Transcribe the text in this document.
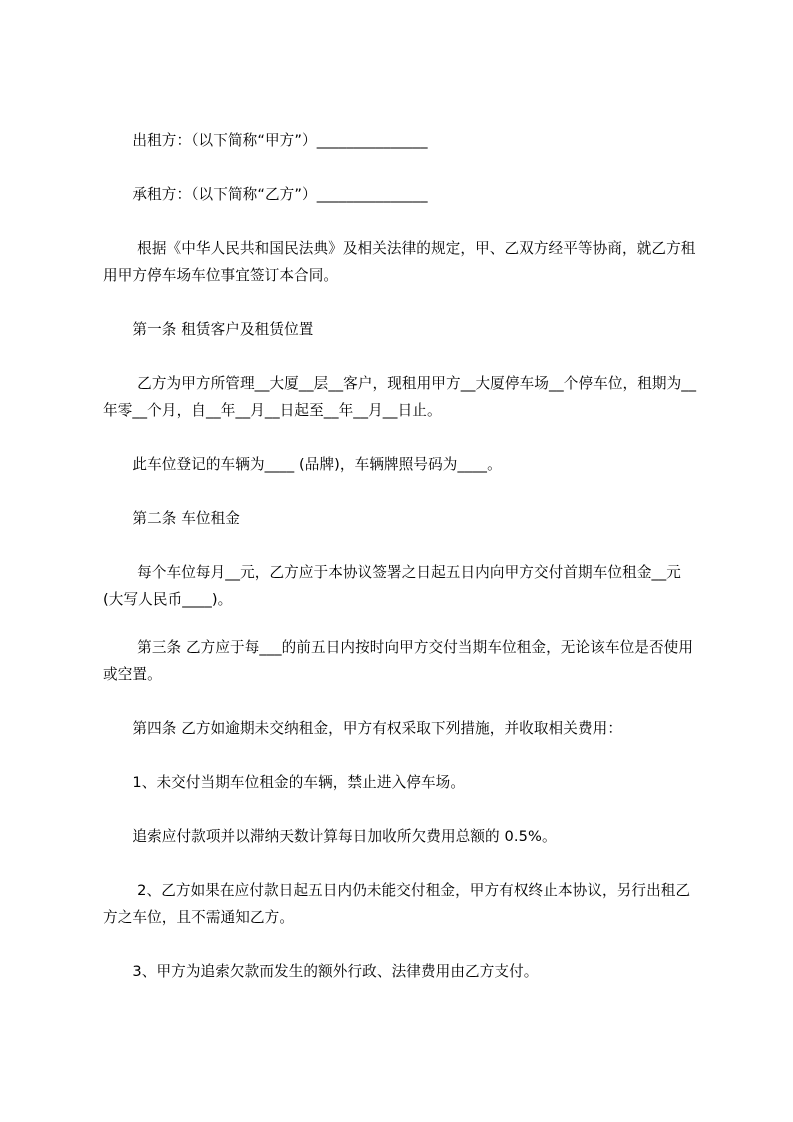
　　出租方：（以下简称“甲方”）_______________

　　承租方：（以下简称“乙方”）_______________

　　 根据《中华人民共和国民法典》及相关法律的规定，甲、乙双方经平等协商，就乙方租用甲方停车场车位事宜签订本合同。

　　第一条 租赁客户及租赁位置

　　 乙方为甲方所管理__大厦__层__客户，现租用甲方__大厦停车场__个停车位，租期为__年零__个月，自__年__月__日起至__年__月__日止。

　　此车位登记的车辆为____ (品牌)，车辆牌照号码为____。

　　第二条 车位租金

　　 每个车位每月__元，乙方应于本协议签署之日起五日内向甲方交付首期车位租金__元(大写人民币____)。

　　 第三条 乙方应于每___的前五日内按时向甲方交付当期车位租金，无论该车位是否使用或空置。

　　第四条 乙方如逾期未交纳租金，甲方有权采取下列措施，并收取相关费用：

　　1、未交付当期车位租金的车辆，禁止进入停车场。

　　追索应付款项并以滞纳天数计算每日加收所欠费用总额的 0.5%。

　　 2、乙方如果在应付款日起五日内仍未能交付租金，甲方有权终止本协议，另行出租乙方之车位，且不需通知乙方。

　　3、甲方为追索欠款而发生的额外行政、法律费用由乙方支付。
